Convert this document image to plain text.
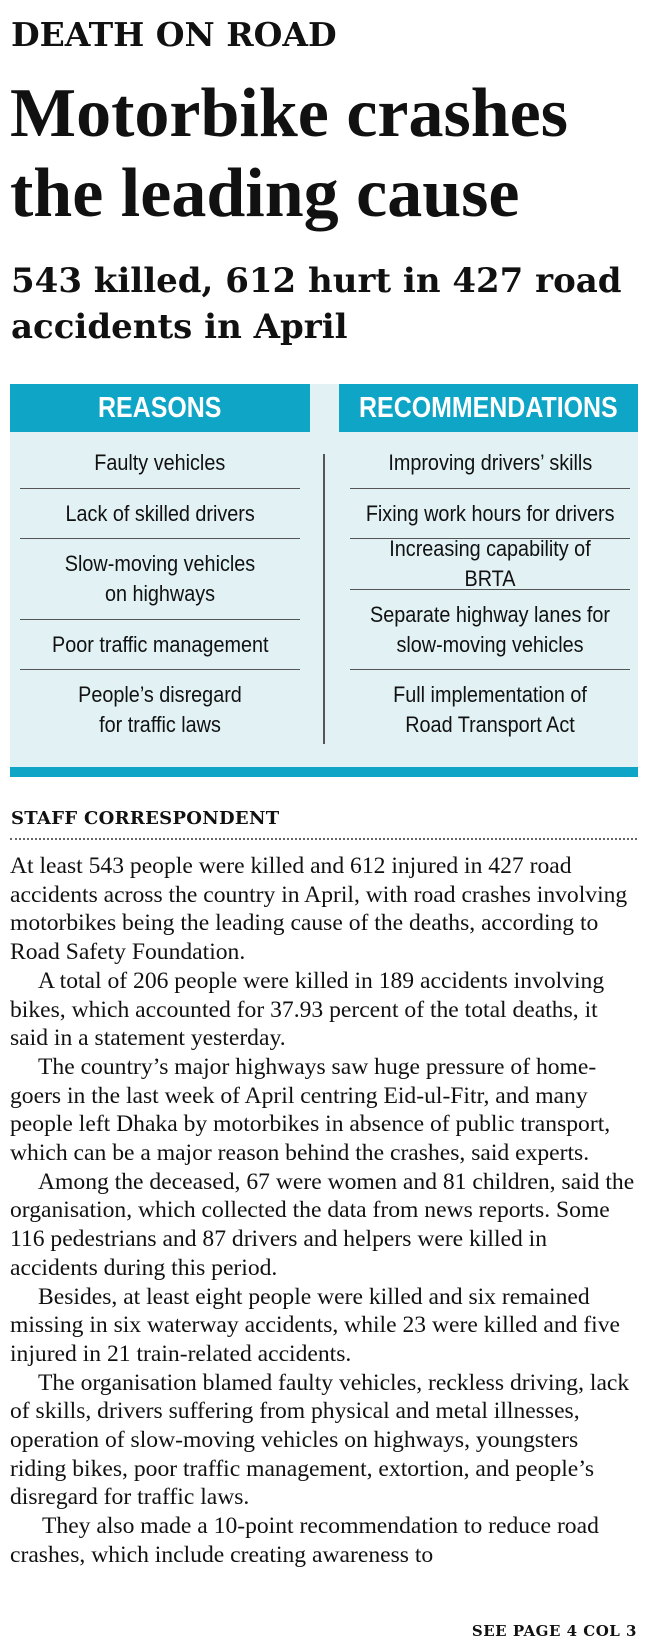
DEATH ON ROAD
Motorbike crashes the leading cause
543 killed, 612 hurt in 427 road accidents in April
REASONS	RECOMMENDATIONS
Faulty vehicles
Lack of skilled drivers
Slow-moving vehicles on highways
Poor traffic management
People’s disregard for traffic laws
Improving drivers’ skills
Fixing work hours for drivers
Increasing capability of BRTA
Separate highway lanes for slow-moving vehicles
Full implementation of Road Transport Act
STAFF CORRESPONDENT

At least 543 people were killed and 612 injured in 427 road accidents across the country in April, with road crashes involving motorbikes being the leading cause of the deaths, according to Road Safety Foundation.

A total of 206 people were killed in 189 accidents involving bikes, which accounted for 37.93 percent of the total deaths, it said in a statement yesterday.

The country’s major highways saw huge pressure of home-goers in the last week of April centring Eid-ul-Fitr, and many people left Dhaka by motorbikes in absence of public transport, which can be a major reason behind the crashes, said experts.

Among the deceased, 67 were women and 81 children, said the organisation, which collected the data from news reports. Some 116 pedestrians and 87 drivers and helpers were killed in accidents during this period.

Besides, at least eight people were killed and six remained missing in six waterway accidents, while 23 were killed and five injured in 21 train-related accidents.

The organisation blamed faulty vehicles, reckless driving, lack of skills, drivers suffering from physical and metal illnesses, operation of slow-moving vehicles on highways, youngsters riding bikes, poor traffic management, extortion, and people’s disregard for traffic laws.

They also made a 10-point recommendation to reduce road crashes, which include creating awareness to

SEE PAGE 4 COL 3
